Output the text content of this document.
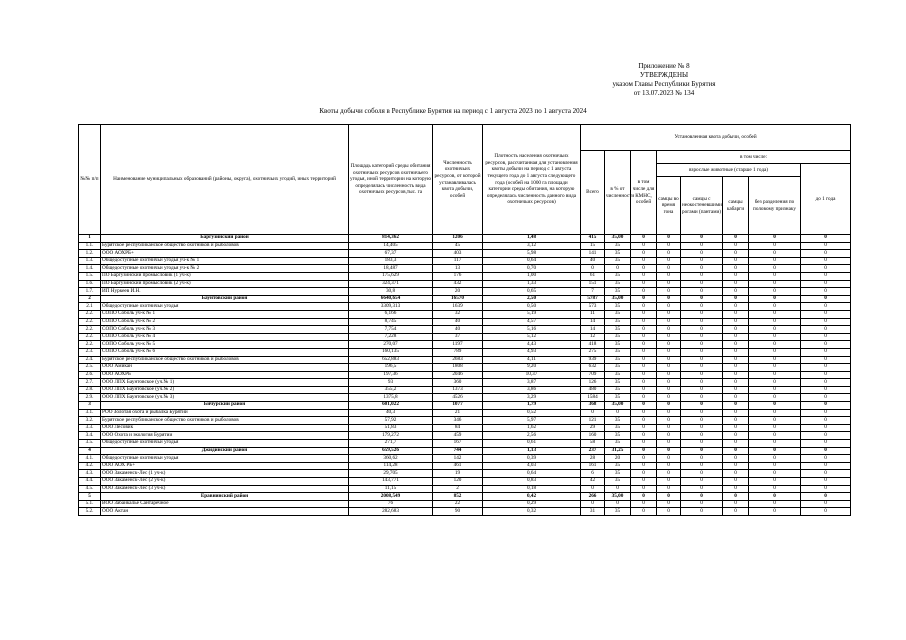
Приложение № 8
УТВЕРЖДЕНЫ
указом Главы Республики Бурятия
от 13.07.2023 № 134
Квоты добычи соболя в Республике Бурятия на период с 1 августа 2023 по 1 августа 2024
№№ п/п	Наименование муниципальных образований (районы, округа), охотничьих угодий, иных территорий	Площадь категорий среды обитания охотничьих ресурсов охотничьего угодья, иной территории на которую определялась численность вида охотничьих ресурсов,тыс. га	Численность охотничьих ресурсов, от которой устанавливалась квота добычи, особей	Плотность населения охотничьих ресурсов, рассчитанная для установления квоты добычи на период с 1 августа текущего года до 1 августа следующего года (особей на 1000 га площади категории среды обитания, на которую определялась численность данного вида охотничьих ресурсов)	Установленная квота добычи, особей							
					Всего	в % от численности	в том числе для КМНС, особей	в том числе:				
								взрослые животные (старше 1 года)				до 1 года
								самцы во время гона	самцы с неокостеневшими рогами (пантами)	самцы кабарги	без разделения по половому признаку	
1	Баргузинский район	814,362	1206	1,48	415	35,00	0	0	0	0	0	0
1.1.	Бурятское республиканское общество охотников и рыболовов	14,405	45	3,12	15	35	0	0	0	0	0	0
1.2.	ООО АОХРБ+	67,37	403	5,98	141	35	0	0	0	0	0	0
1.3.	Общедоступные охотничьи угодья уч-к № 1	183,3	117	0,64	40	35	0	0	0	0	0	0
1.4.	Общедоступные охотничьи угодья уч-к № 2	18,487	13	0,70	0	0	0	0	0	0	0	0
1.5.	ПО Баргузинский промысловик (1 уч-к)	175,629	176	1,00	61	35	0	0	0	0	0	0
1.6.	ПО Баргузинский промысловик (2 уч-к)	324,371	432	1,33	151	35	0	0	0	0	0	0
1.7.	ИП Нуркеев И.Н.	30,8	20	0,65	7	35	0	0	0	0	0	0
2	Баунтовский район	6640,654	16570	2,50	5787	35,00	0	0	0	0	0	0
2.1	Общедоступные охотничьи угодья	3309,313	1639	0,50	573	35	0	0	0	0	0	0
2.2.	СОПО Соболь уч-к № 1	6,166	32	5,19	11	35	0	0	0	0	0	0
2.2.	СОПО Соболь уч-к № 2	8,745	40	4,57	14	35	0	0	0	0	0	0
2.2.	СОПО Соболь уч-к № 3	7,754	40	5,16	14	35	0	0	0	0	0	0
2.2.	СОПО Соболь уч-к № 4	7,228	37	5,12	12	35	0	0	0	0	0	0
2.2.	СОПО Соболь уч-к № 5	270,07	1197	4,43	418	35	0	0	0	0	0	0
2.3.	СОПО Соболь уч-к № 6	160,135	789	4,93	275	35	0	0	0	0	0	0
2.4.	Бурятское республиканское общество охотников и рыболовов	652,883	2683	4,11	939	35	0	0	0	0	0	0
2.5.	ООО Амикан	196,5	1808	9,20	632	35	0	0	0	0	0	0
2.6.	ООО АОХРБ	197,36	2046	10,37	709	35	0	0	0	0	0	0
2.7.	ООО ЛПХ Баунтовское (уч.№ 1)	93	360	3,87	126	35	0	0	0	0	0	0
2.8.	ООО ЛПХ Баунтовское (уч.№ 2)	355,2	1373	3,86	480	35	0	0	0	0	0	0
2.9.	ООО ЛПХ Баунтовское (уч.№ 3)	1375,8	4526	3,29	1584	35	0	0	0	0	0	0
3	Бичурский район	601,022	1077	1,79	368	35,00	0	0	0	0	0	0
3.1.	РОО Золотая охота и рыбалка Бурятии	40,3	21	0,52	0	0	0	0	0	0	0	0
3.2.	Бурятское республиканское общество охотников и рыболовов	57,92	346	5,97	121	35	0	0	0	0	0	0
3.3.	ООО Лесовик	51,83	84	1,62	29	35	0	0	0	0	0	0
3.4.	ООО Охота и экология Бурятии	179,272	459	2,56	160	35	0	0	0	0	0	0
3.5.	Общедоступные охотничьи угодья	271,7	167	0,61	58	35	0	0	0	0	0	0
4	Джидинский район	659,526	744	1,13	237	31,25	0	0	0	0	0	0
4.1.	Общедоступные охотничьи угодья	360,62	142	0,39	28	20	0	0	0	0	0	0
4.2.	ООО АОХ РБ+	114,28	461	4,03	161	35	0	0	0	0	0	0
4.3.	ООО Закаменск-Лес (1 уч-к)	29,705	19	0,64	6	35	0	0	0	0	0	0
4.4.	ООО Закаменск-Лес (2 уч-к)	143,771	120	0,83	42	35	0	0	0	0	0	0
4.5.	ООО Закаменск-Лес (3 уч-к)	11,15	2	0,18	0	0	0	0	0	0	0	0
5	Еравнинский район	2008,549	852	0,42	266	35,00	0	0	0	0	0	0
5.1.	ВОО Забайкалье Сантаречное	76	22	0,29	0	0	0	0	0	0	0	0
5.2.	ООО Актан	282,683	90	0,32	31	35	0	0	0	0	0	0
